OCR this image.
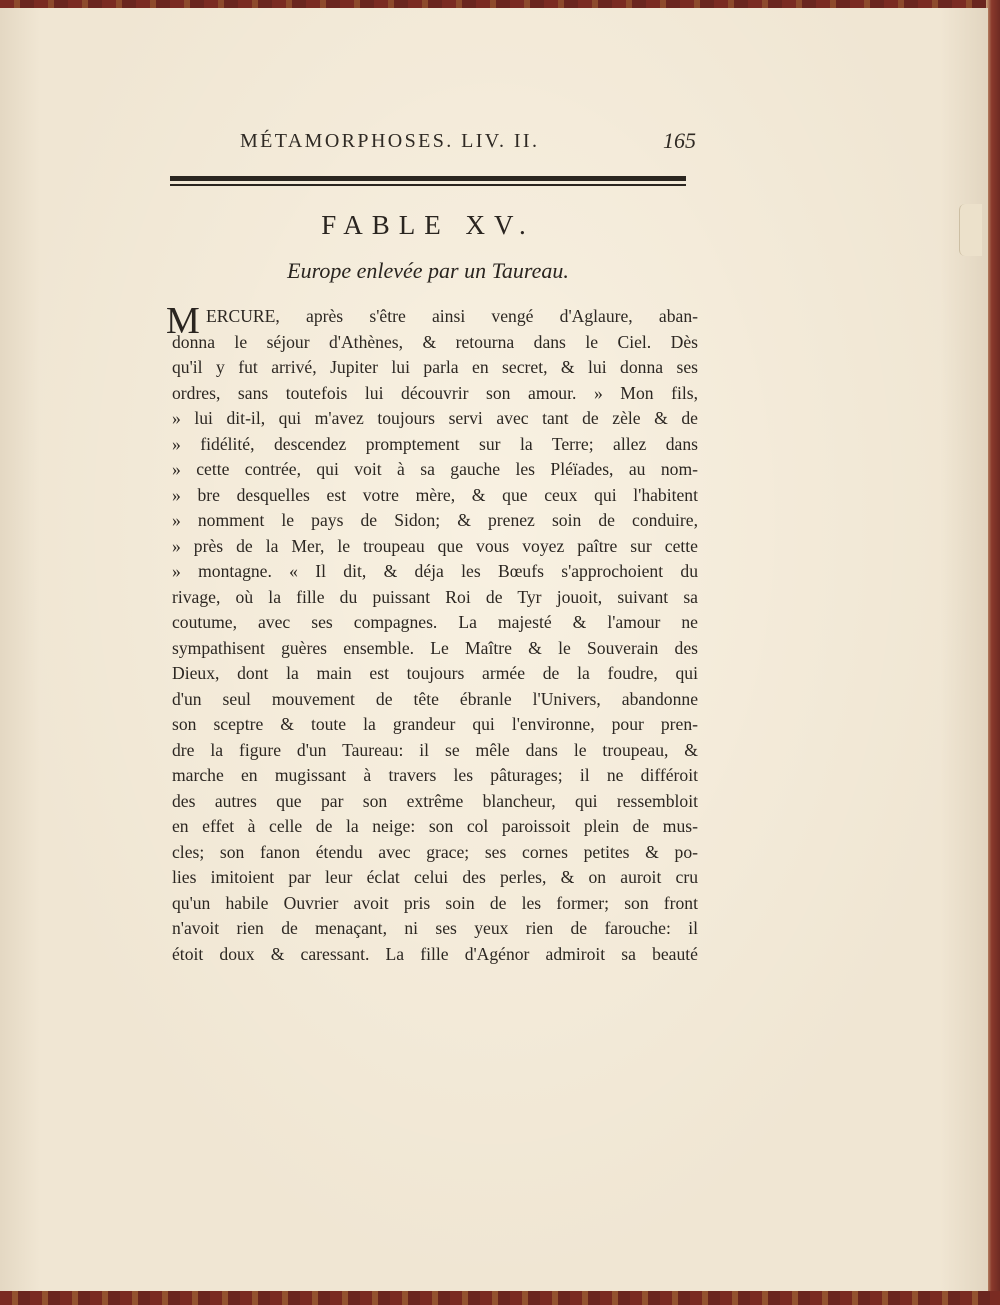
MÉTAMORPHOSES. LIV. II.	165
FABLE XV.
Europe enlevée par un Taureau.
M ERCURE, après s'être ainsi vengé d'Aglaure, aban-
donna le séjour d'Athènes, & retourna dans le Ciel. Dès
qu'il y fut arrivé, Jupiter lui parla en secret, & lui donna ses
ordres, sans toutefois lui découvrir son amour. » Mon fils,
» lui dit-il, qui m'avez toujours servi avec tant de zèle & de
» fidélité, descendez promptement sur la Terre; allez dans
» cette contrée, qui voit à sa gauche les Pléïades, au nom-
» bre desquelles est votre mère, & que ceux qui l'habitent
» nomment le pays de Sidon; & prenez soin de conduire,
» près de la Mer, le troupeau que vous voyez paître sur cette
» montagne. « Il dit, & déja les Bœufs s'approchoient du
rivage, où la fille du puissant Roi de Tyr jouoit, suivant sa
coutume, avec ses compagnes. La majesté & l'amour ne
sympathisent guères ensemble. Le Maître & le Souverain des
Dieux, dont la main est toujours armée de la foudre, qui
d'un seul mouvement de tête ébranle l'Univers, abandonne
son sceptre & toute la grandeur qui l'environne, pour pren-
dre la figure d'un Taureau: il se mêle dans le troupeau, &
marche en mugissant à travers les pâturages; il ne différoit
des autres que par son extrême blancheur, qui ressembloit
en effet à celle de la neige: son col paroissoit plein de mus-
cles; son fanon étendu avec grace; ses cornes petites & po-
lies imitoient par leur éclat celui des perles, & on auroit cru
qu'un habile Ouvrier avoit pris soin de les former; son front
n'avoit rien de menaçant, ni ses yeux rien de farouche: il
étoit doux & caressant. La fille d'Agénor admiroit sa beauté
